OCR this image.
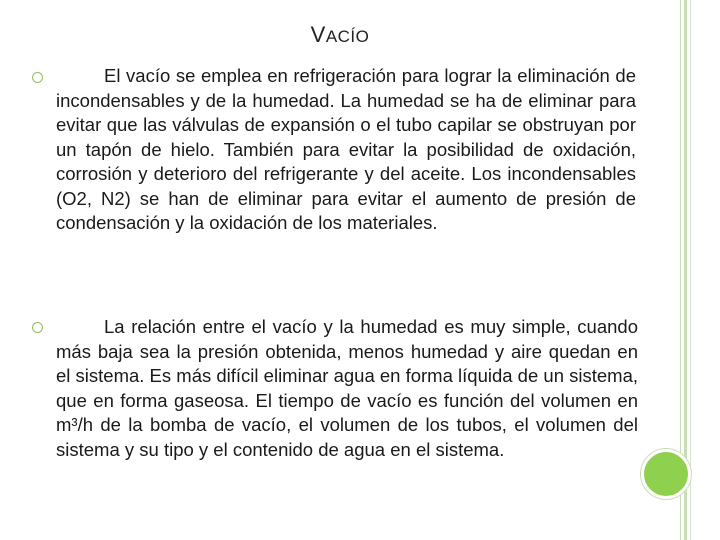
VACÍO
El vacío se emplea en refrigeración para lograr la eliminación de incondensables y de la humedad. La humedad se ha de eliminar para evitar que las válvulas de expansión o el tubo capilar se obstruyan por un tapón de hielo. También para evitar la posibilidad de oxidación, corrosión y deterioro del refrigerante y del aceite. Los incondensables (O2, N2) se han de eliminar para evitar el aumento de presión de condensación y la oxidación de los materiales.
La relación entre el vacío y la humedad es muy simple, cuando más baja sea la presión obtenida, menos humedad y aire quedan en el sistema. Es más difícil eliminar agua en forma líquida de un sistema, que en forma gaseosa. El tiempo de vacío es función del volumen en m³/h de la bomba de vacío, el volumen de los tubos, el volumen del sistema y su tipo y el contenido de agua en el sistema.
